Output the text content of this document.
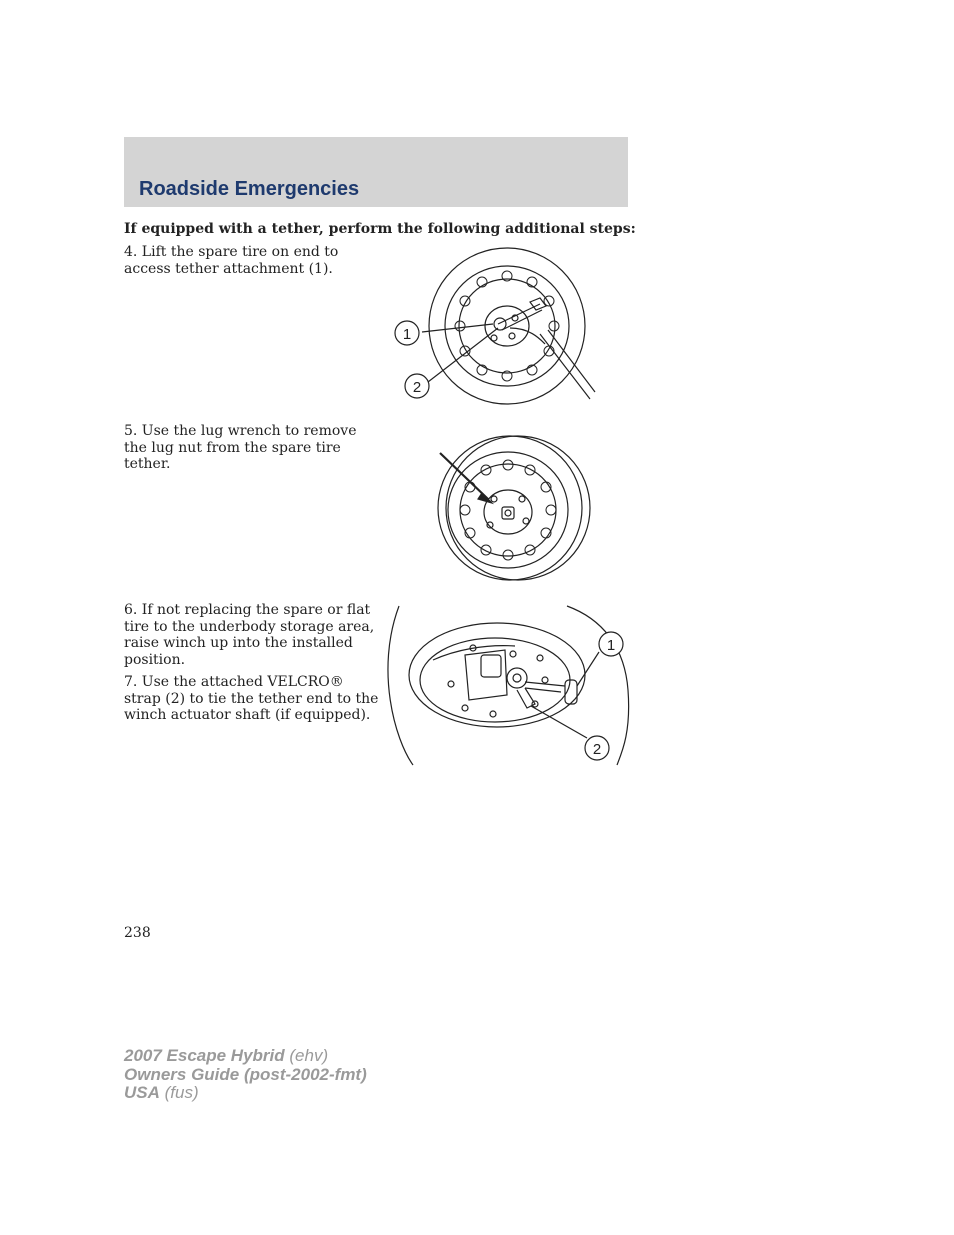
Roadside Emergencies
If equipped with a tether, perform the following additional steps:

4. Lift the spare tire on end to access tether attachment (1).

5. Use the lug wrench to remove the lug nut from the spare tire tether.

6. If not replacing the spare or flat tire to the underbody storage area, raise winch up into the installed position.

7. Use the attached VELCRO® strap (2) to tie the tether end to the winch actuator shaft (if equipped).

1
2
1
2
238
2007 Escape Hybrid (ehv)
Owners Guide (post-2002-fmt)
USA (fus)
